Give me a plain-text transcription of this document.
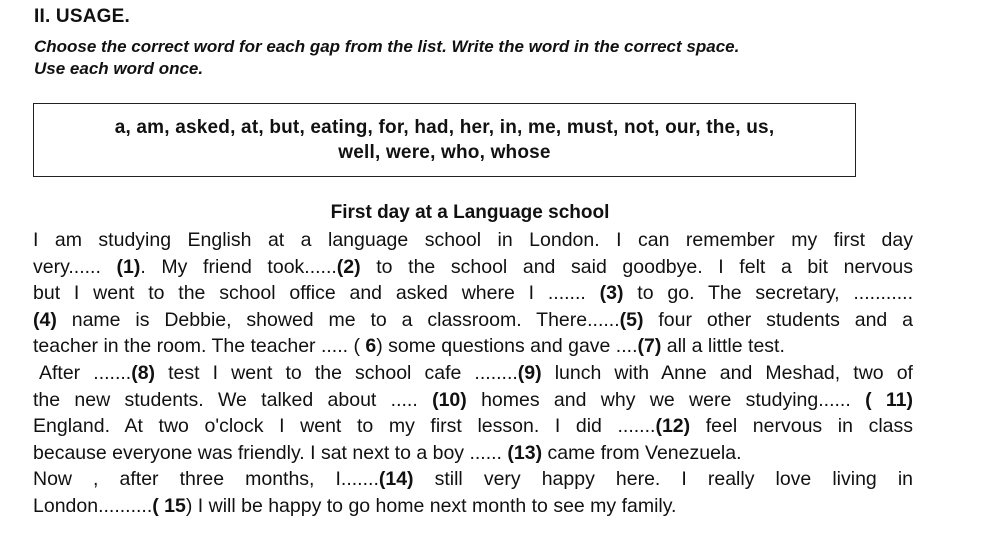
II. USAGE.
Choose the correct word for each gap from the list. Write the word in the correct space.
Use each word once.
a, am, asked, at, but, eating, for, had, her, in, me, must, not, our, the, us,
well, were, who, whose
First day at a Language school
I am studying English at a language school in London. I can remember my first day
very...... (1). My friend took......(2) to the school and said goodbye. I felt a bit nervous
but I went to the school office and asked where I ....... (3) to go. The secretary, ...........
(4) name is Debbie, showed me to a classroom. There......(5) four other students and a
teacher in the room. The teacher ..... ( 6) some questions and gave ....(7) all a little test.
After .......(8) test I went to the school cafe ........(9) lunch with Anne and Meshad, two of
the new students. We talked about ..... (10) homes and why we were studying...... ( 11)
England. At two o'clock I went to my first lesson. I did .......(12) feel nervous in class
because everyone was friendly. I sat next to a boy ...... (13) came from Venezuela.
Now , after three months, I.......(14) still very happy here. I really love living in
London..........( 15) I will be happy to go home next month to see my family.
